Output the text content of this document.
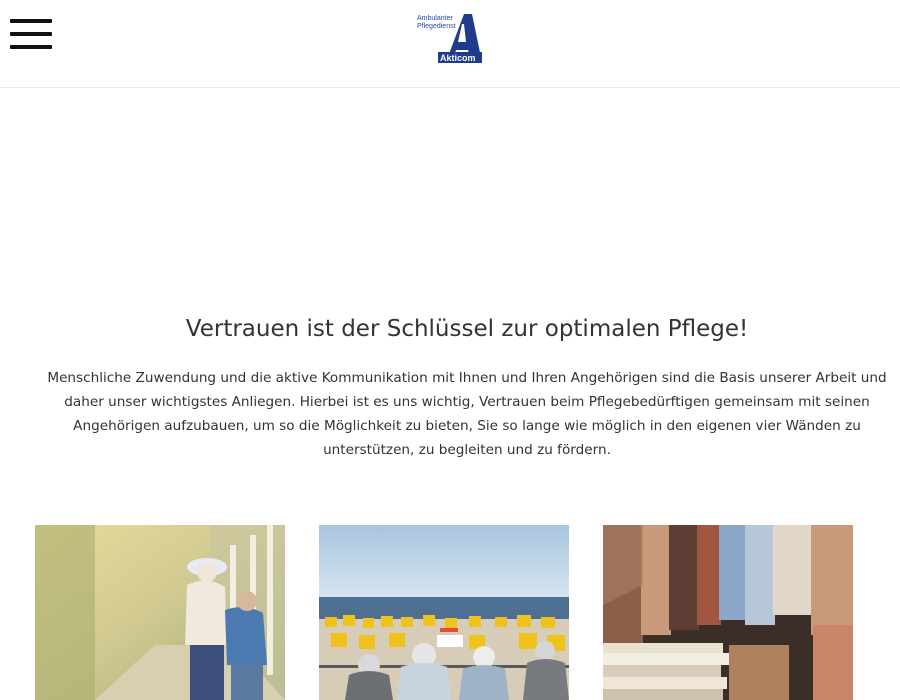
Ambulanter
Pflegedienst
Akticom
Vertrauen ist der Schlüssel zur optimalen Pflege!

Menschliche Zuwendung und die aktive Kommunikation mit Ihnen und Ihren Angehörigen sind die Basis unserer Arbeit und daher unser wichtigstes Anliegen. Hierbei ist es uns wichtig, Vertrauen beim Pflegebedürftigen gemeinsam mit seinen Angehörigen aufzubauen, um so die Möglichkeit zu bieten, Sie so lange wie möglich in den eigenen vier Wänden zu unterstützen, zu begleiten und zu fördern.
